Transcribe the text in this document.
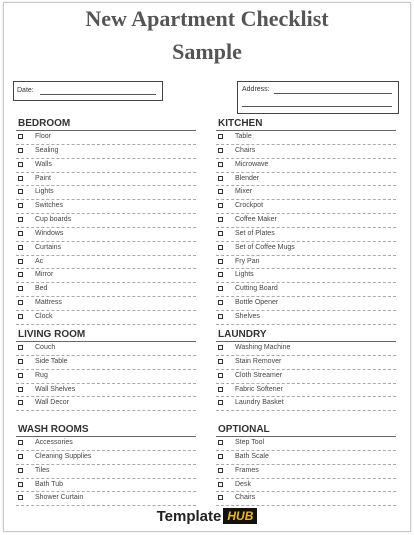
New Apartment Checklist
Sample
Date:	Address:
BEDROOM
Floor
Sealing
Walls
Paint
Lights
Switches
Cup boards
Windows
Curtains
Ac
Mirror
Bed
Mattress
Clock
KITCHEN
Table
Chairs
Microwave
Blender
Mixer
Crockpot
Coffee Maker
Set of Plates
Set of Coffee Mugs
Fry Pan
Lights
Cutting Board
Bottle Opener
Shelves
LIVING ROOM
Couch
Side Table
Rug
Wall Shelves
Wall Decor
LAUNDRY
Washing Machine
Stain Remover
Cloth Streamer
Fabric Softener
Laundry Basket
WASH ROOMS
Accessories
Cleaning Supplies
Tiles
Bath Tub
Shower Curtain
OPTIONAL
Step Tool
Bath Scale
Frames
Desk
Chairs
Template HUB
